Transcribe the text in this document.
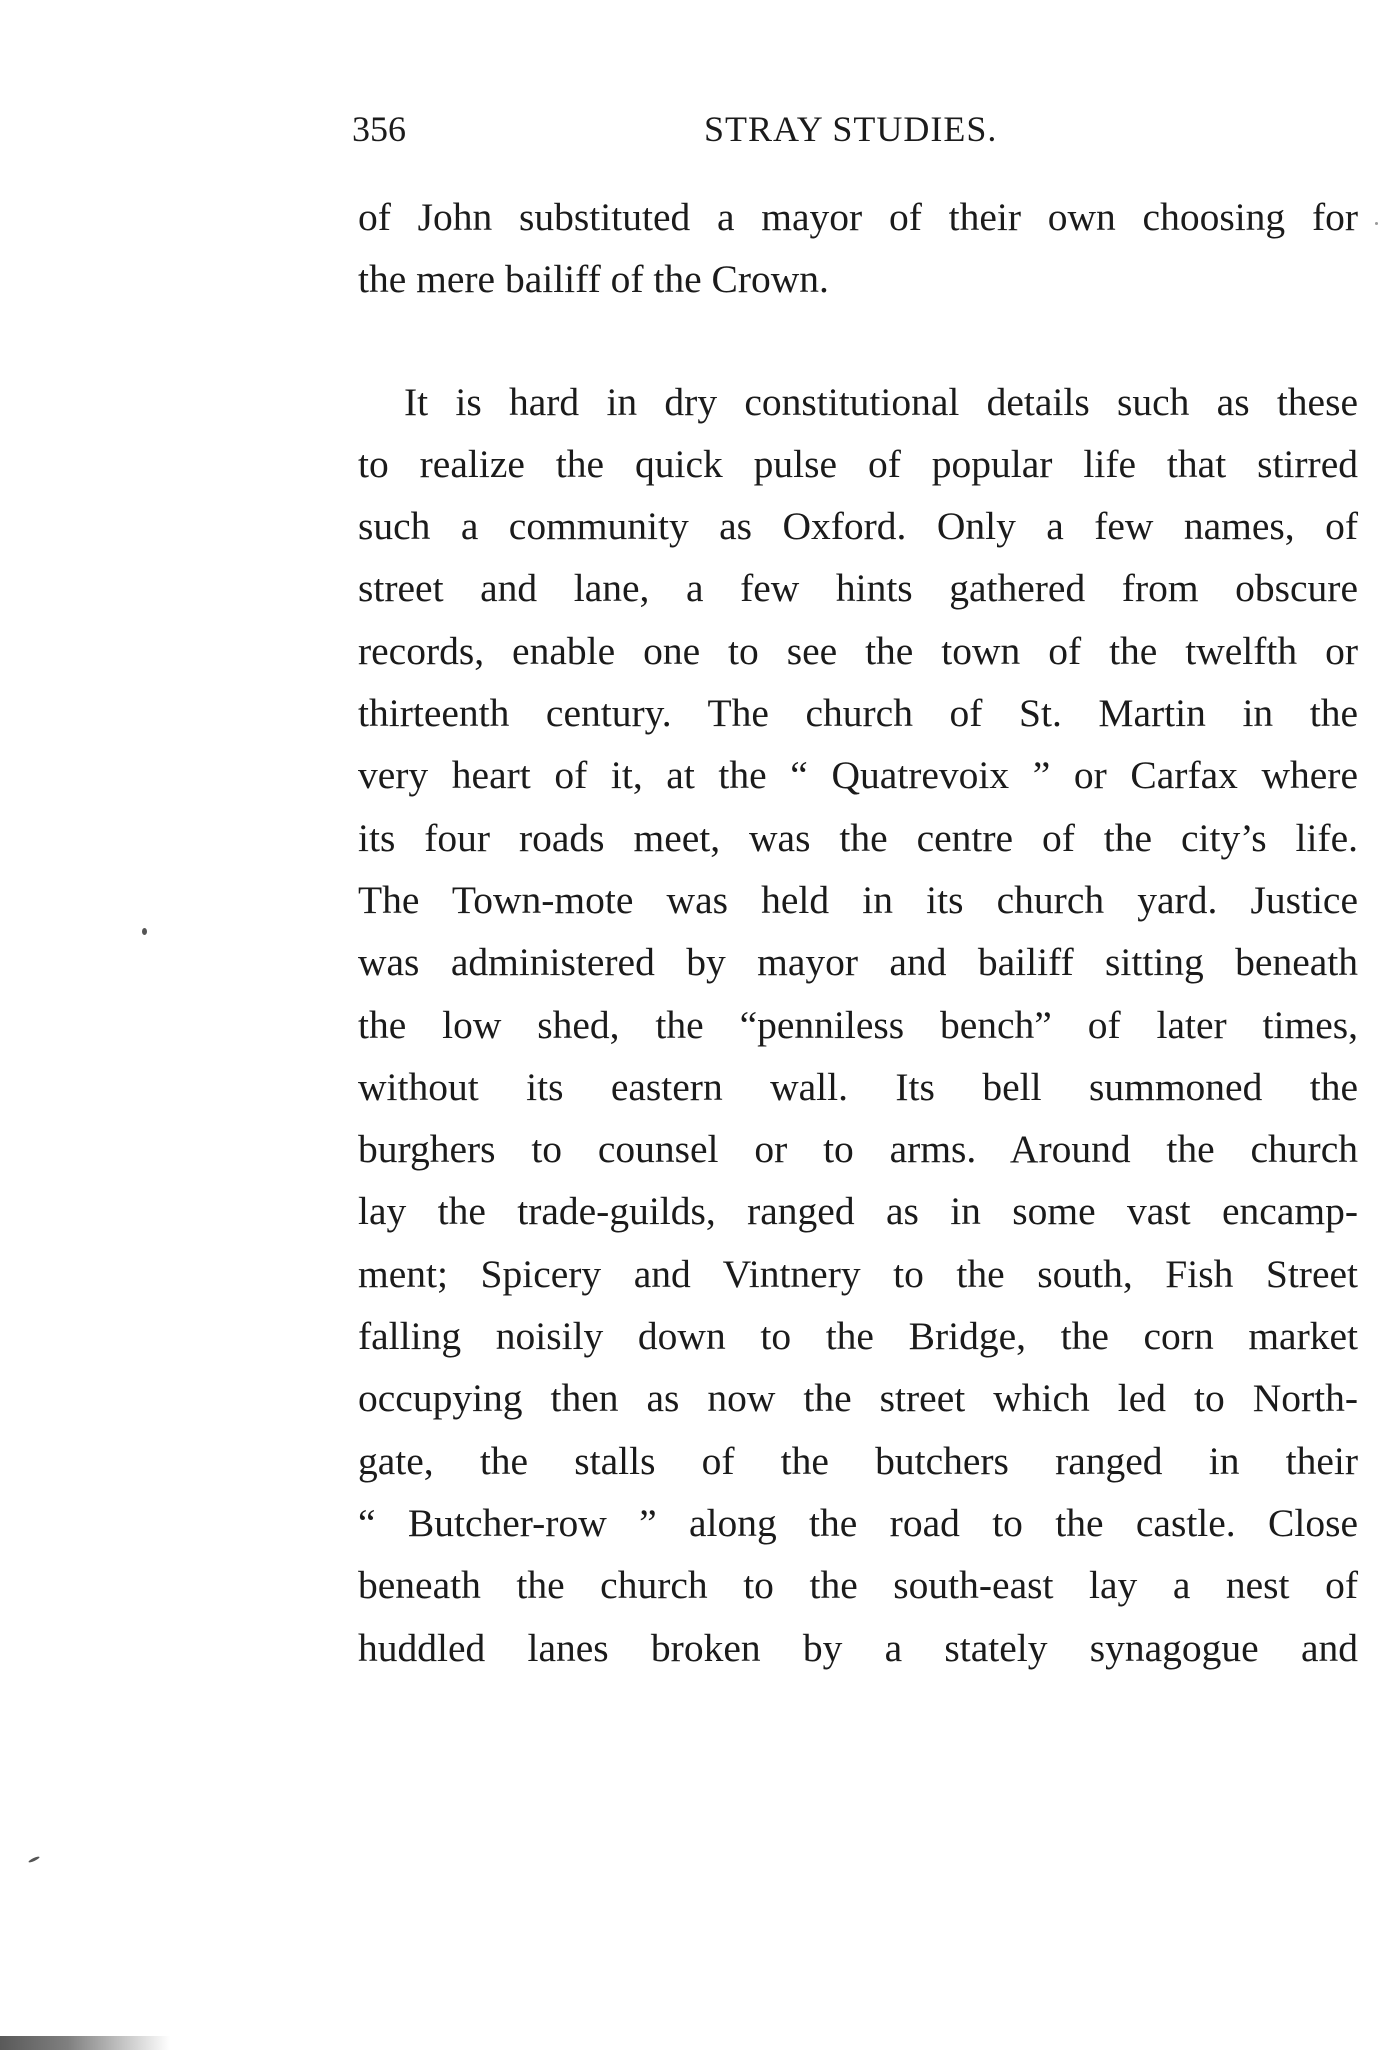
356	STRAY STUDIES.
of John substituted a mayor of their own choosing for
the mere bailiff of the Crown.
It is hard in dry constitutional details such as these
to realize the quick pulse of popular life that stirred
such a community as Oxford. Only a few names, of
street and lane, a few hints gathered from obscure
records, enable one to see the town of the twelfth or
thirteenth century. The church of St. Martin in the
very heart of it, at the “ Quatrevoix ” or Carfax where
its four roads meet, was the centre of the city’s life.
The Town-mote was held in its church yard. Justice
was administered by mayor and bailiff sitting beneath
the low shed, the “penniless bench” of later times,
without its eastern wall. Its bell summoned the
burghers to counsel or to arms. Around the church
lay the trade-guilds, ranged as in some vast encamp-
ment; Spicery and Vintnery to the south, Fish Street
falling noisily down to the Bridge, the corn market
occupying then as now the street which led to North-
gate, the stalls of the butchers ranged in their
“ Butcher-row ” along the road to the castle. Close
beneath the church to the south-east lay a nest of
huddled lanes broken by a stately synagogue and
